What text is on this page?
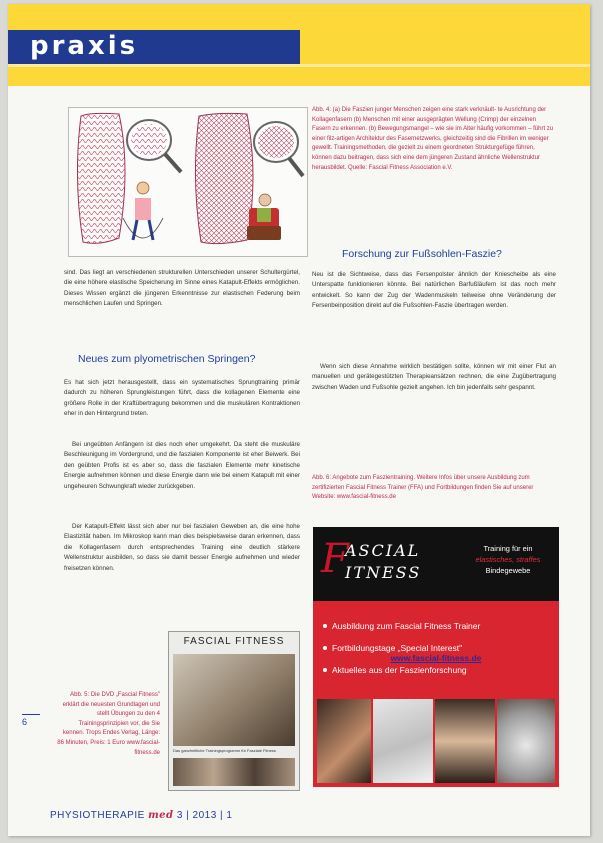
praxis
Abb. 4: (a) Die Faszien junger Menschen zeigen eine stark verknäult- te Ausrichtung der Kollagenfasern (b) Menschen mit einer ausgeprägten Wellung (Crimp) der einzelnen Fasern zu erkennen. (b) Bewegungsmangel – wie sie im Alter häufig vorkommen – führt zu einer filz-artigen Architektur des Fasernetzwerks, gleichzeitig sind die Fibrillen im weniger gewellt. Trainingsmethoden, die gezielt zu einem geordneten Strukturgefüge führen, können dazu beitragen, dass sich eine dem jüngeren Zustand ähnliche Wellenstruktur herausbildet. Quelle: Fascial Fitness Association e.V.
Forschung zur Fußsohlen-Faszie?
sind. Das liegt an verschiedenen strukturellen Unterschieden unserer Schultergürtel, die eine höhere elastische Speicherung im Sinne eines Katapult-Effekts ermöglichen. Dieses Wissen ergänzt die jüngeren Erkenntnisse zur elastischen Federung beim menschlichen Laufen und Springen.
Neues zum plyometrischen Springen?
Es hat sich jetzt herausgestellt, dass ein systematisches Sprungtraining primär dadurch zu höheren Sprungleistungen führt, dass die kollagenen Elemente eine größere Rolle in der Kraftübertragung bekommen und die muskulären Kontraktionen eher in den Hintergrund treten.
Bei ungeübten Anfängern ist dies noch eher umgekehrt. Da steht die muskuläre Beschleunigung im Vordergrund, und die faszialen Komponente ist eher Beiwerk. Bei den geübten Profis ist es aber so, dass die faszialen Elemente mehr kinetische Energie aufnehmen können und diese Energie dann wie bei einem Katapult mit einer ungeheuren Schwungkraft wieder zurückgeben.
Der Katapult-Effekt lässt sich aber nur bei faszialen Geweben an, die eine hohe Elastizität haben. Im Mikroskop kann man dies beispielsweise daran erkennen, dass die Kollagenfasern durch entsprechendes Training eine deutlich stärkere Wellenstruktur ausbilden, so dass sie damit besser Energie aufnehmen und wieder freisetzen können.
Neu ist die Sichtweise, dass das Fersenpolster ähnlich der Kniescheibe als eine Unterspatte funktionieren könnte. Bei natürlichen Barfußläufern ist das noch mehr entwickelt. So kann der Zug der Wadenmuskeln teilweise ohne Veränderung der Fersenbeinposition direkt auf die Fußsohlen-Faszie übertragen werden.
Wenn sich diese Annahme wirklich bestätigen sollte, können wir mit einer Flut an manuellen und gerätegestützten Therapieansätzen rechnen, die eine Zugübertragung zwischen Waden und Fußsohle gezielt angehen. Ich bin jedenfalls sehr gespannt.
Abb. 6: Angebote zum Faszientraining. Weitere Infos über unsere Ausbildung zum zertifizierten Fascial Fitness Trainer (FFA) und Fortbildungen finden Sie auf unserer Website: www.fascial-fitness.de
F
ASCIAL
ITNESS
Training für ein
elastisches, straffes
Bindegewebe
Ausbildung zum Fascial Fitness Trainer
Fortbildungstage „Special Interest"
Aktuelles aus der Faszienforschung
www.fascial-fitness.de
FASCIAL FITNESS
Das ganzheitliche Trainingsprogramm für Fasziale Fitness
Abb. 5: Die DVD „Fascial Fitness" erklärt die neuesten Grundlagen und stellt Übungen zu den 4 Trainingsprinzipien vor, die Sie kennen. Trops Endes Verlag, Länge: 86 Minuten, Preis: 1 Euro www.fascial-fitness.de
6
PHYSIOTHERAPIE med 3 | 2013 | 1
